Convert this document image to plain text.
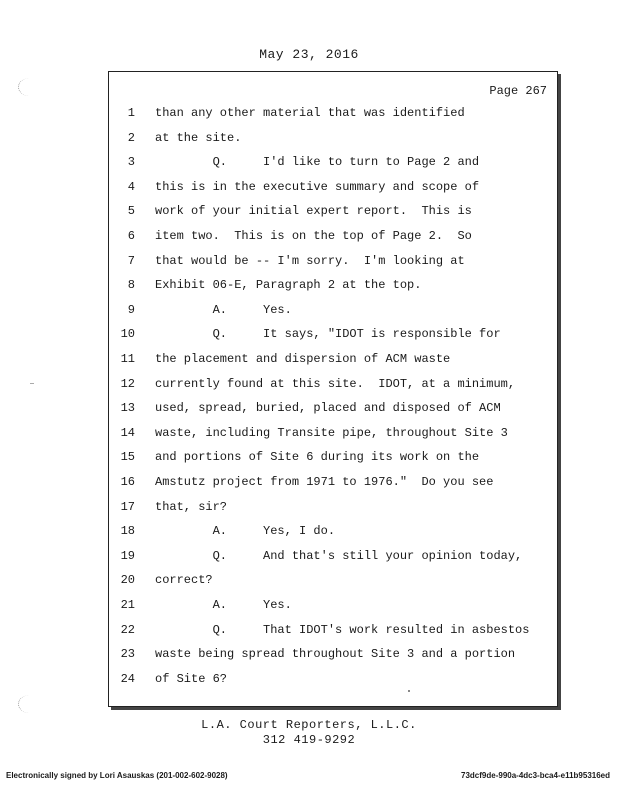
May 23, 2016
Page 267
1 than any other material that was identified
2 at the site.
3 Q.     I'd like to turn to Page 2 and
4 this is in the executive summary and scope of
5 work of your initial expert report.  This is
6 item two.  This is on the top of Page 2.  So
7 that would be -- I'm sorry.  I'm looking at
8 Exhibit 06-E, Paragraph 2 at the top.
9 A.     Yes.
10 Q.     It says, "IDOT is responsible for
11 the placement and dispersion of ACM waste
12 currently found at this site.  IDOT, at a minimum,
13 used, spread, buried, placed and disposed of ACM
14 waste, including Transite pipe, throughout Site 3
15 and portions of Site 6 during its work on the
16 Amstutz project from 1971 to 1976."  Do you see
17 that, sir?
18 A.     Yes, I do.
19 Q.     And that's still your opinion today,
20 correct?
21 A.     Yes.
22 Q.     That IDOT's work resulted in asbestos
23 waste being spread throughout Site 3 and a portion
24 of Site 6?
L.A. Court Reporters, L.L.C.
312 419-9292
Electronically signed by Lori Asauskas (201-002-602-9028)	73dcf9de-990a-4dc3-bca4-e11b95316ed
